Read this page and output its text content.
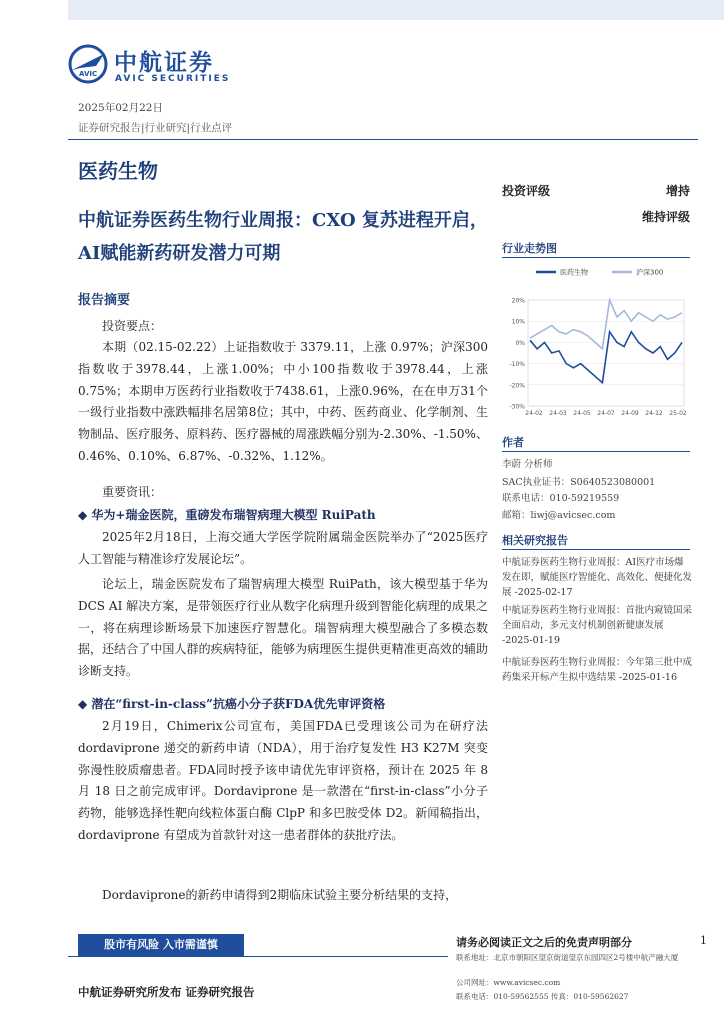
AVIC 中航证券
AVIC SECURITIES
2025年02月22日
证券研究报告|行业研究|行业点评
医药生物
中航证券医药生物行业周报：CXO 复苏进程开启，AI赋能新药研发潜力可期
投资评级	增持
维持评级
行业走势图
20%
10%
0%
-10%
-20%
-30%
24-02 24-03 24-05 24-07 24-09 24-12 25-02
医药生物	沪深300
作者
李蔚 分析师
SAC执业证书：S0640523080001
联系电话：010-59219559
邮箱：liwj@avicsec.com
相关研究报告
中航证券医药生物行业周报：AI医疗市场爆发在即，赋能医疗智能化、高效化、便捷化发展 -2025-02-17
中航证券医药生物行业周报：首批内窥镜国采全面启动，多元支付机制创新健康发展 -2025-01-19
中航证券医药生物行业周报：今年第三批中成药集采开标产生拟中选结果 -2025-01-16
报告摘要
投资要点：
本期（02.15-02.22）上证指数收于 3379.11，上涨 0.97%；沪深300指数收于3978.44，上涨1.00%；中小100指数收于3978.44，上涨0.75%；本期申万医药行业指数收于7438.61，上涨0.96%，在在申万31个一级行业指数中涨跌幅排名居第8位；其中，中药、医药商业、化学制剂、生物制品、医疗服务、原料药、医疗器械的周涨跌幅分别为-2.30%、-1.50%、0.46%、0.10%、6.87%、-0.32%、1.12%。
重要资讯：
◆ 华为+瑞金医院，重磅发布瑞智病理大模型 RuiPath
2025年2月18日，上海交通大学医学院附属瑞金医院举办了“2025医疗人工智能与精准诊疗发展论坛”。
论坛上，瑞金医院发布了瑞智病理大模型 RuiPath，该大模型基于华为 DCS AI 解决方案，是带领医疗行业从数字化病理升级到智能化病理的成果之一，将在病理诊断场景下加速医疗智慧化。瑞智病理大模型融合了多模态数据，还结合了中国人群的疾病特征，能够为病理医生提供更精准更高效的辅助诊断支持。
◆ 潜在“first-in-class”抗癌小分子获FDA优先审评资格
2月19日，Chimerix公司宣布，美国FDA已受理该公司为在研疗法 dordaviprone 递交的新药申请（NDA），用于治疗复发性 H3 K27M 突变弥漫性胶质瘤患者。FDA同时授予该申请优先审评资格，预计在 2025 年 8 月 18 日之前完成审评。Dordaviprone 是一款潜在“first-in-class”小分子药物，能够选择性靶向线粒体蛋白酶 ClpP 和多巴胺受体 D2。新闻稿指出，dordaviprone 有望成为首款针对这一患者群体的获批疗法。
Dordaviprone的新药申请得到2期临床试验主要分析结果的支持，
股市有风险 入市需谨慎
中航证券研究所发布 证券研究报告
请务必阅读正文之后的免责声明部分
联系地址：北京市朝阳区望京街道望京东园四区2号楼中航产融大厦
公司网址：www.avicsec.com
联系电话：010-59562555 传真：010-59562627
1
